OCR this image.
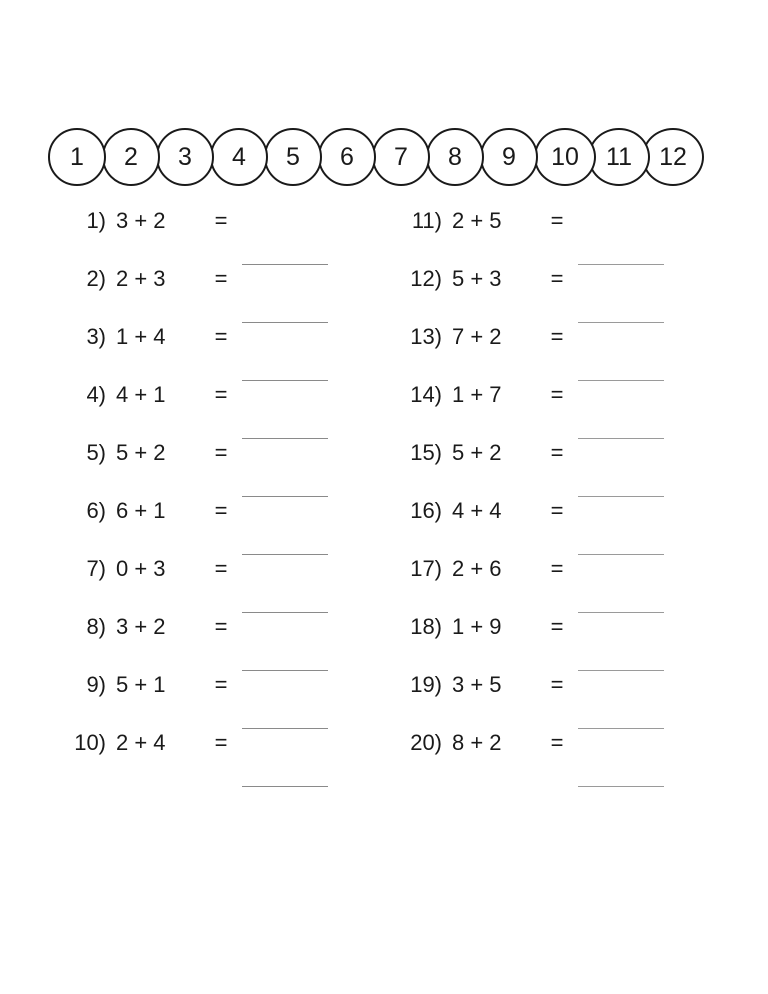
1	2	3	4	5	6	7	8	9	10	11	12
1) 3 + 2	=
2) 2 + 3	=
3) 1 + 4	=
4) 4 + 1	=
5) 5 + 2	=
6) 6 + 1	=
7) 0 + 3	=
8) 3 + 2	=
9) 5 + 1	=
10) 2 + 4	=
11) 2 + 5	=
12) 5 + 3	=
13) 7 + 2	=
14) 1 + 7	=
15) 5 + 2	=
16) 4 + 4	=
17) 2 + 6	=
18) 1 + 9	=
19) 3 + 5	=
20) 8 + 2	=
